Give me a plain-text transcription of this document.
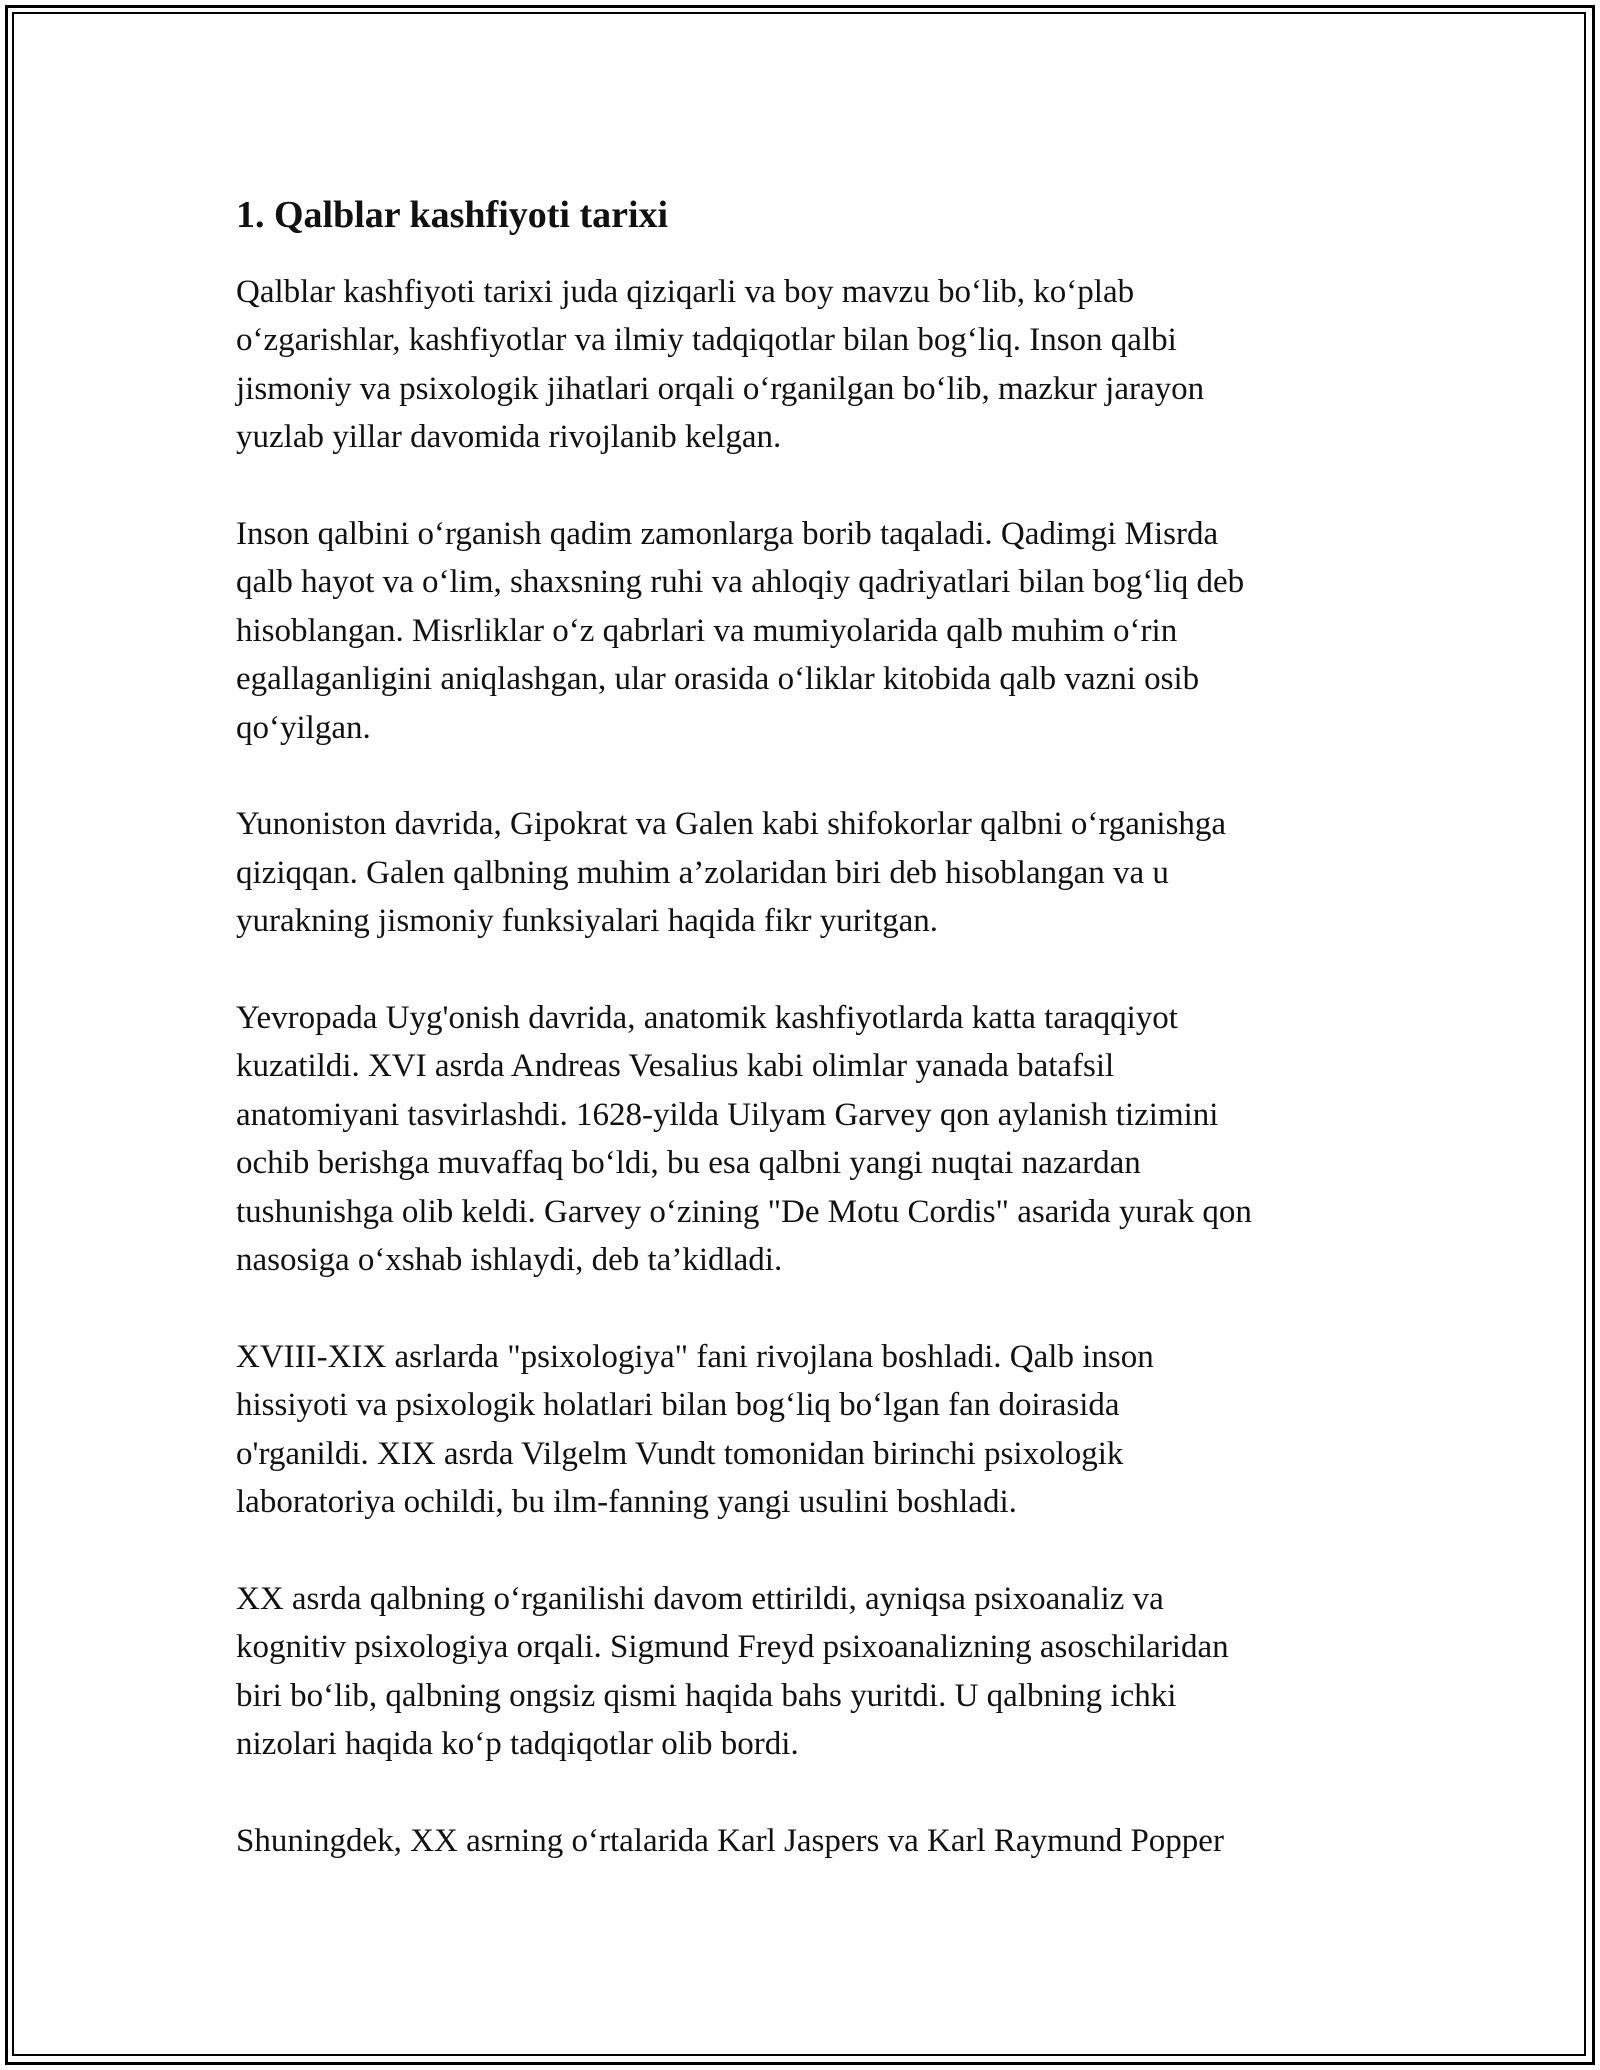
1. Qalblar kashfiyoti tarixi
Qalblar kashfiyoti tarixi juda qiziqarli va boy mavzu bo‘lib, ko‘plab
o‘zgarishlar, kashfiyotlar va ilmiy tadqiqotlar bilan bog‘liq. Inson qalbi
jismoniy va psixologik jihatlari orqali o‘rganilgan bo‘lib, mazkur jarayon
yuzlab yillar davomida rivojlanib kelgan.
Inson qalbini o‘rganish qadim zamonlarga borib taqaladi. Qadimgi Misrda
qalb hayot va o‘lim, shaxsning ruhi va ahloqiy qadriyatlari bilan bog‘liq deb
hisoblangan. Misrliklar o‘z qabrlari va mumiyolarida qalb muhim o‘rin
egallaganligini aniqlashgan, ular orasida o‘liklar kitobida qalb vazni osib
qo‘yilgan.
Yunoniston davrida, Gipokrat va Galen kabi shifokorlar qalbni o‘rganishga
qiziqqan. Galen qalbning muhim a’zolaridan biri deb hisoblangan va u
yurakning jismoniy funksiyalari haqida fikr yuritgan.
Yevropada Uyg'onish davrida, anatomik kashfiyotlarda katta taraqqiyot
kuzatildi. XVI asrda Andreas Vesalius kabi olimlar yanada batafsil
anatomiyani tasvirlashdi. 1628-yilda Uilyam Garvey qon aylanish tizimini
ochib berishga muvaffaq bo‘ldi, bu esa qalbni yangi nuqtai nazardan
tushunishga olib keldi. Garvey o‘zining "De Motu Cordis" asarida yurak qon
nasosiga o‘xshab ishlaydi, deb ta’kidladi.
XVIII-XIX asrlarda "psixologiya" fani rivojlana boshladi. Qalb inson
hissiyoti va psixologik holatlari bilan bog‘liq bo‘lgan fan doirasida
o'rganildi. XIX asrda Vilgelm Vundt tomonidan birinchi psixologik
laboratoriya ochildi, bu ilm-fanning yangi usulini boshladi.
XX asrda qalbning o‘rganilishi davom ettirildi, ayniqsa psixoanaliz va
kognitiv psixologiya orqali. Sigmund Freyd psixoanalizning asoschilaridan
biri bo‘lib, qalbning ongsiz qismi haqida bahs yuritdi. U qalbning ichki
nizolari haqida ko‘p tadqiqotlar olib bordi.
Shuningdek, XX asrning o‘rtalarida Karl Jaspers va Karl Raymund Popper
